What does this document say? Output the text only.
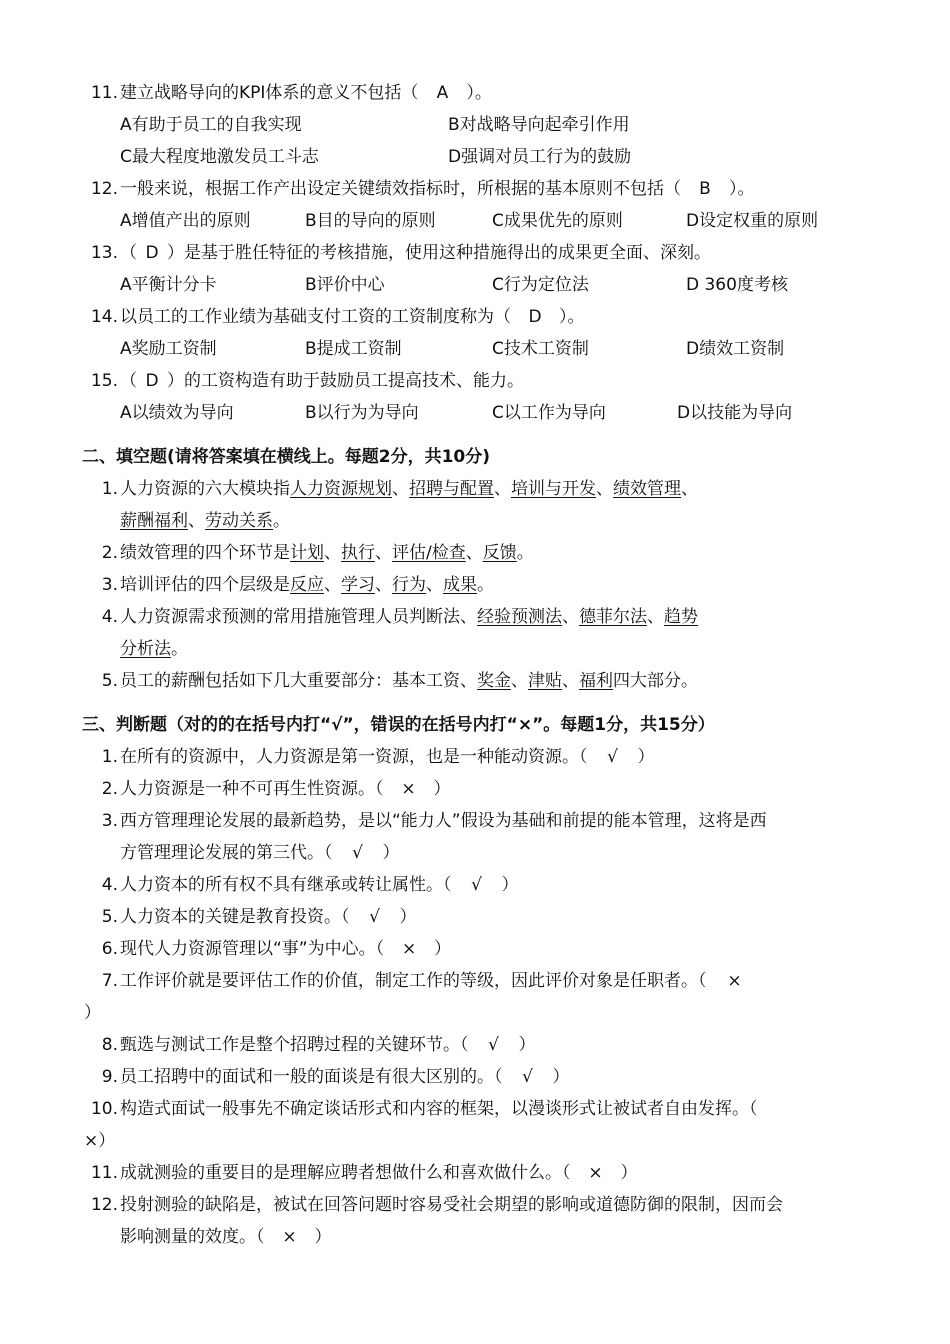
11. 建立战略导向的KPI体系的意义不包括（ A ）。
A有助于员工的自我实现	B对战略导向起牵引作用
C最大程度地激发员工斗志	D强调对员工行为的鼓励
12. 一般来说，根据工作产出设定关键绩效指标时，所根据的基本原则不包括（ B ）。
A增值产出的原则	B目的导向的原则	C成果优先的原则	D设定权重的原则
13. （ D ）是基于胜任特征的考核措施，使用这种措施得出的成果更全面、深刻。
A平衡计分卡	B评价中心	C行为定位法	D 360度考核
14. 以员工的工作业绩为基础支付工资的工资制度称为（ D ）。
A奖励工资制	B提成工资制	C技术工资制	D绩效工资制
15. （ D ）的工资构造有助于鼓励员工提高技术、能力。
A以绩效为导向	B以行为为导向	C以工作为导向	D以技能为导向
二、填空题(请将答案填在横线上。每题2分，共10分)
1. 人力资源的六大模块指人力资源规划、招聘与配置、培训与开发、绩效管理、
薪酬福利、劳动关系。
2. 绩效管理的四个环节是计划、执行、评估/检查、反馈。
3. 培训评估的四个层级是反应、学习、行为、成果。
4. 人力资源需求预测的常用措施管理人员判断法、经验预测法、德菲尔法、趋势
分析法。
5. 员工的薪酬包括如下几大重要部分：基本工资、奖金、津贴、福利四大部分。
三、判断题（对的的在括号内打“√”，错误的在括号内打“×”。每题1分，共15分）
1. 在所有的资源中，人力资源是第一资源，也是一种能动资源。（ √ ）
2. 人力资源是一种不可再生性资源。（ × ）
3. 西方管理理论发展的最新趋势，是以“能力人”假设为基础和前提的能本管理，这将是西
方管理理论发展的第三代。（ √ ）
4. 人力资本的所有权不具有继承或转让属性。（ √ ）
5. 人力资本的关键是教育投资。（ √ ）
6. 现代人力资源管理以“事”为中心。（ × ）
7. 工作评价就是要评估工作的价值，制定工作的等级，因此评价对象是任职者。（ ×
）
8. 甄选与测试工作是整个招聘过程的关键环节。（ √ ）
9. 员工招聘中的面试和一般的面谈是有很大区别的。（ √ ）
10. 构造式面试一般事先不确定谈话形式和内容的框架，以漫谈形式让被试者自由发挥。（
×）
11. 成就测验的重要目的是理解应聘者想做什么和喜欢做什么。（ × ）
12. 投射测验的缺陷是，被试在回答问题时容易受社会期望的影响或道德防御的限制，因而会
影响测量的效度。（ × ）
